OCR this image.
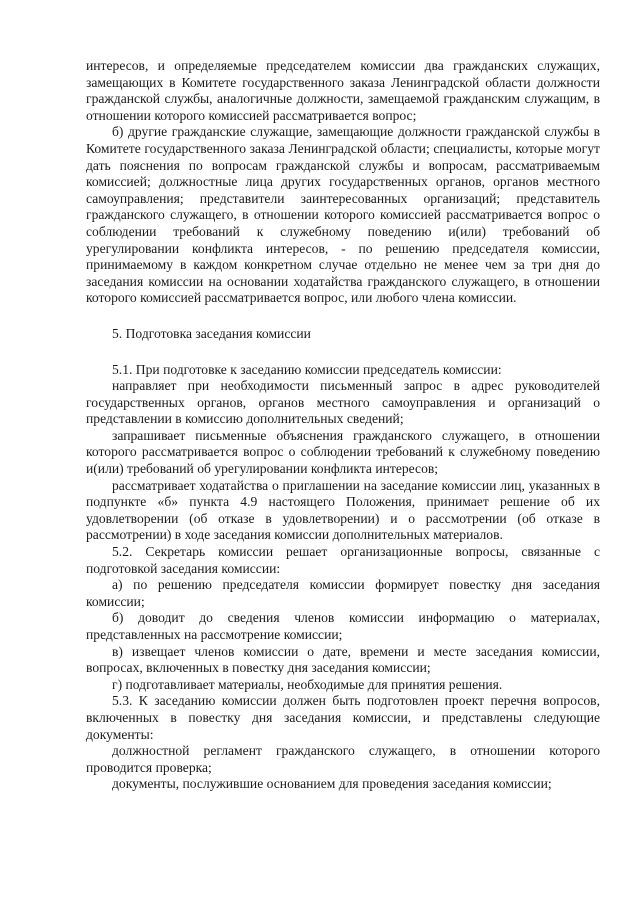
интересов, и определяемые председателем комиссии два гражданских служащих, замещающих в Комитете государственного заказа Ленинградской области должности гражданской службы, аналогичные должности, замещаемой гражданским служащим, в отношении которого комиссией рассматривается вопрос;

б) другие гражданские служащие, замещающие должности гражданской службы в Комитете государственного заказа Ленинградской области; специалисты, которые могут дать пояснения по вопросам гражданской службы и вопросам, рассматриваемым комиссией; должностные лица других государственных органов, органов местного самоуправления; представители заинтересованных организаций; представитель гражданского служащего, в отношении которого комиссией рассматривается вопрос о соблюдении требований к служебному поведению и(или) требований об урегулировании конфликта интересов, - по решению председателя комиссии, принимаемому в каждом конкретном случае отдельно не менее чем за три дня до заседания комиссии на основании ходатайства гражданского служащего, в отношении которого комиссией рассматривается вопрос, или любого члена комиссии.

5. Подготовка заседания комиссии

5.1. При подготовке к заседанию комиссии председатель комиссии:

направляет при необходимости письменный запрос в адрес руководителей государственных органов, органов местного самоуправления и организаций о представлении в комиссию дополнительных сведений;

запрашивает письменные объяснения гражданского служащего, в отношении которого рассматривается вопрос о соблюдении требований к служебному поведению и(или) требований об урегулировании конфликта интересов;

рассматривает ходатайства о приглашении на заседание комиссии лиц, указанных в подпункте «б» пункта 4.9 настоящего Положения, принимает решение об их удовлетворении (об отказе в удовлетворении) и о рассмотрении (об отказе в рассмотрении) в ходе заседания комиссии дополнительных материалов.

5.2. Секретарь комиссии решает организационные вопросы, связанные с подготовкой заседания комиссии:

а) по решению председателя комиссии формирует повестку дня заседания комиссии;

б) доводит до сведения членов комиссии информацию о материалах, представленных на рассмотрение комиссии;

в) извещает членов комиссии о дате, времени и месте заседания комиссии, вопросах, включенных в повестку дня заседания комиссии;

г) подготавливает материалы, необходимые для принятия решения.

5.3. К заседанию комиссии должен быть подготовлен проект перечня вопросов, включенных в повестку дня заседания комиссии, и представлены следующие документы:

должностной регламент гражданского служащего, в отношении которого проводится проверка;

документы, послужившие основанием для проведения заседания комиссии;
